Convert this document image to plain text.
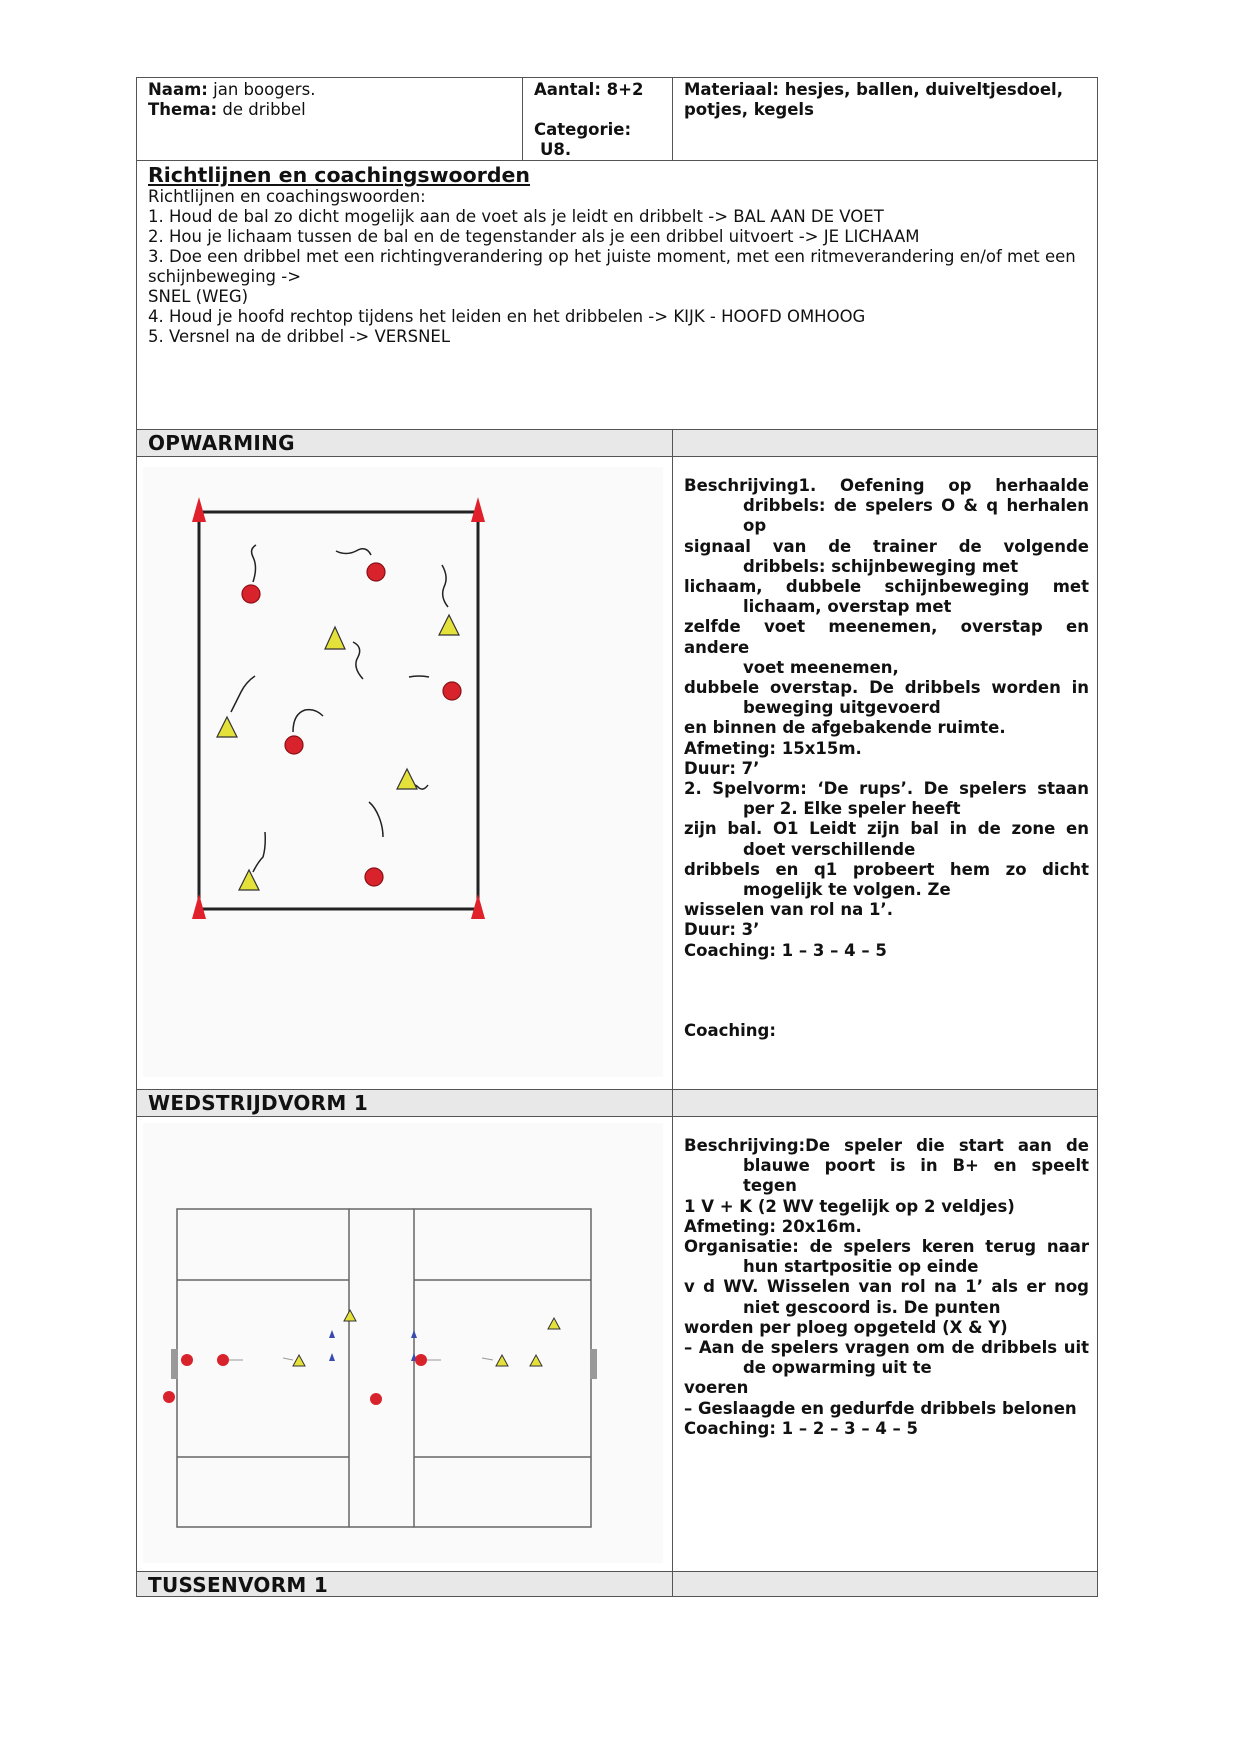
Naam: jan boogers.
Thema: de dribbel
Aantal: 8+2
Categorie:
U8.
Materiaal: hesjes, ballen, duiveltjesdoel, potjes, kegels
Richtlijnen en coachingswoorden
Richtlijnen en coachingswoorden:
1. Houd de bal zo dicht mogelijk aan de voet als je leidt en dribbelt -> BAL AAN DE VOET
2. Hou je lichaam tussen de bal en de tegenstander als je een dribbel uitvoert -> JE LICHAAM
3. Doe een dribbel met een richtingverandering op het juiste moment, met een ritmeverandering en/of met een schijnbeweging ->
SNEL (WEG)
4. Houd je hoofd rechtop tijdens het leiden en het dribbelen -> KIJK - HOOFD OMHOOG
5. Versnel na de dribbel -> VERSNEL
OPWARMING

Beschrijving1. Oefening op herhaalde

dribbels: de spelers O & q herhalen op

signaal van de trainer de volgende

dribbels: schijnbeweging met

lichaam, dubbele schijnbeweging met

lichaam, overstap met

zelfde voet meenemen, overstap en andere

voet meenemen,

dubbele overstap. De dribbels worden in

beweging uitgevoerd

en binnen de afgebakende ruimte.

Afmeting: 15x15m.

Duur: 7’

2. Spelvorm: ‘De rups’. De spelers staan

per 2. Elke speler heeft

zijn bal. O1 Leidt zijn bal in de zone en

doet verschillende

dribbels en q1 probeert hem zo dicht

mogelijk te volgen. Ze

wisselen van rol na 1’.

Duur: 3’

Coaching: 1 – 3 – 4 – 5

Coaching:

WEDSTRIJDVORM 1

Beschrijving:De speler die start aan de

blauwe poort is in B+ en speelt

tegen

1 V + K (2 WV tegelijk op 2 veldjes)

Afmeting: 20x16m.

Organisatie: de spelers keren terug naar

hun startpositie op einde

v d WV. Wisselen van rol na 1’ als er nog

niet gescoord is. De punten

worden per ploeg opgeteld (X & Y)

– Aan de spelers vragen om de dribbels uit

de opwarming uit te

voeren

– Geslaagde en gedurfde dribbels belonen

Coaching: 1 – 2 – 3 – 4 – 5

TUSSENVORM 1
